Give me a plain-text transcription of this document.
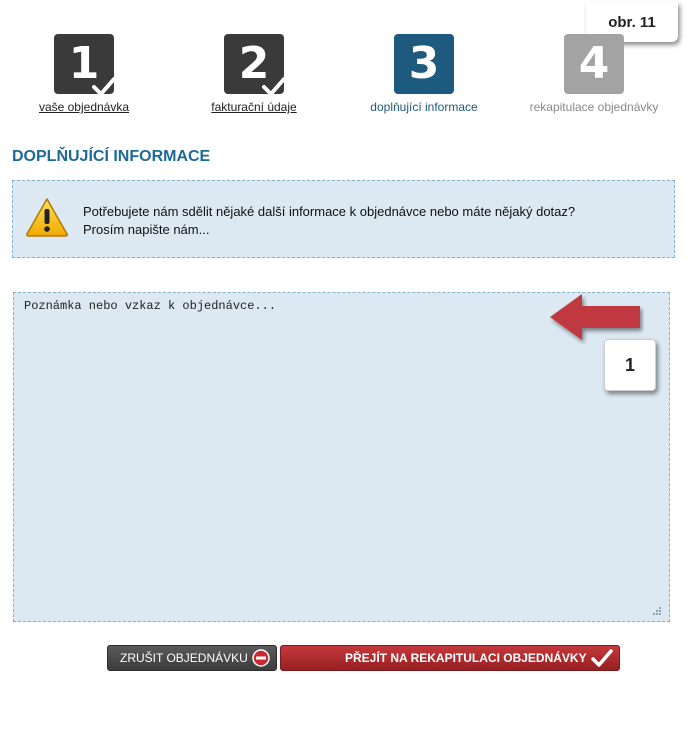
obr. 11
1
vaše objednávka
2
fakturační údaje
3
doplňující informace
4
rekapitulace objednávky
DOPLŇUJÍCÍ INFORMACE
Potřebujete nám sdělit nějaké další informace k objednávce nebo máte nějaký dotaz?
Prosím napište nám...
Poznámka nebo vzkaz k objednávce...
1
ZRUŠIT OBJEDNÁVKU	PŘEJÍT NA REKAPITULACI OBJEDNÁVKY
